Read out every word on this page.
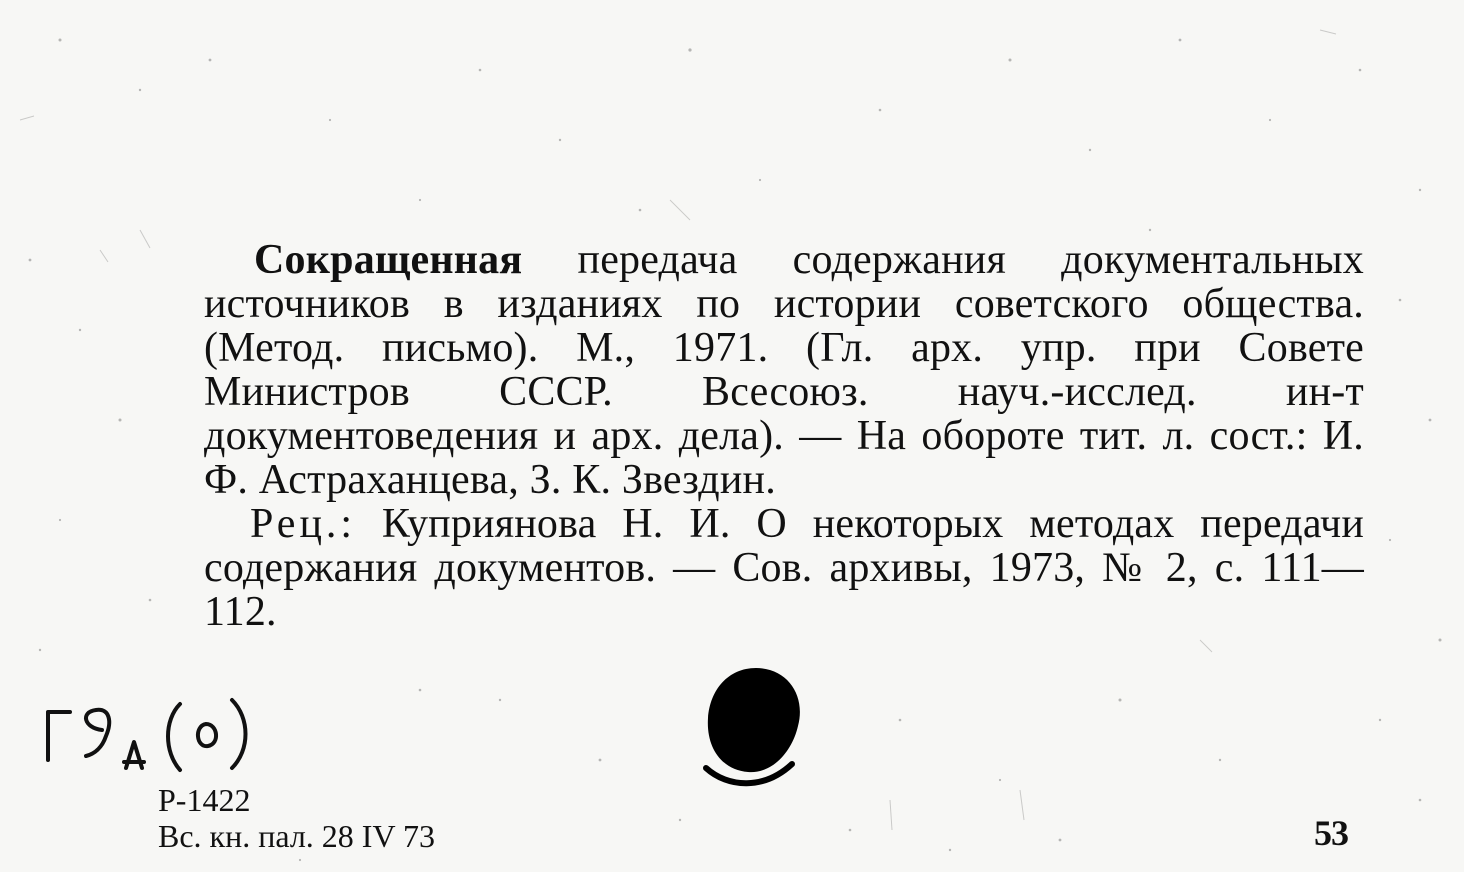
Сокращенная передача содержания документальных источников в изданиях по истории советского общества. (Метод. письмо). М., 1971. (Гл. арх. упр. при Совете Министров СССР. Всесоюз. науч.-исслед. ин-т документоведения и арх. дела). — На обороте тит. л. сост.: И. Ф. Астраханцева, З. К. Звездин.

Рец.: Куприянова Н. И. О некоторых методах передачи содержания документов. — Сов. архивы, 1973, № 2, с. 111—112.

Р-1422
Вс. кн. пал. 28 IV 73	53
